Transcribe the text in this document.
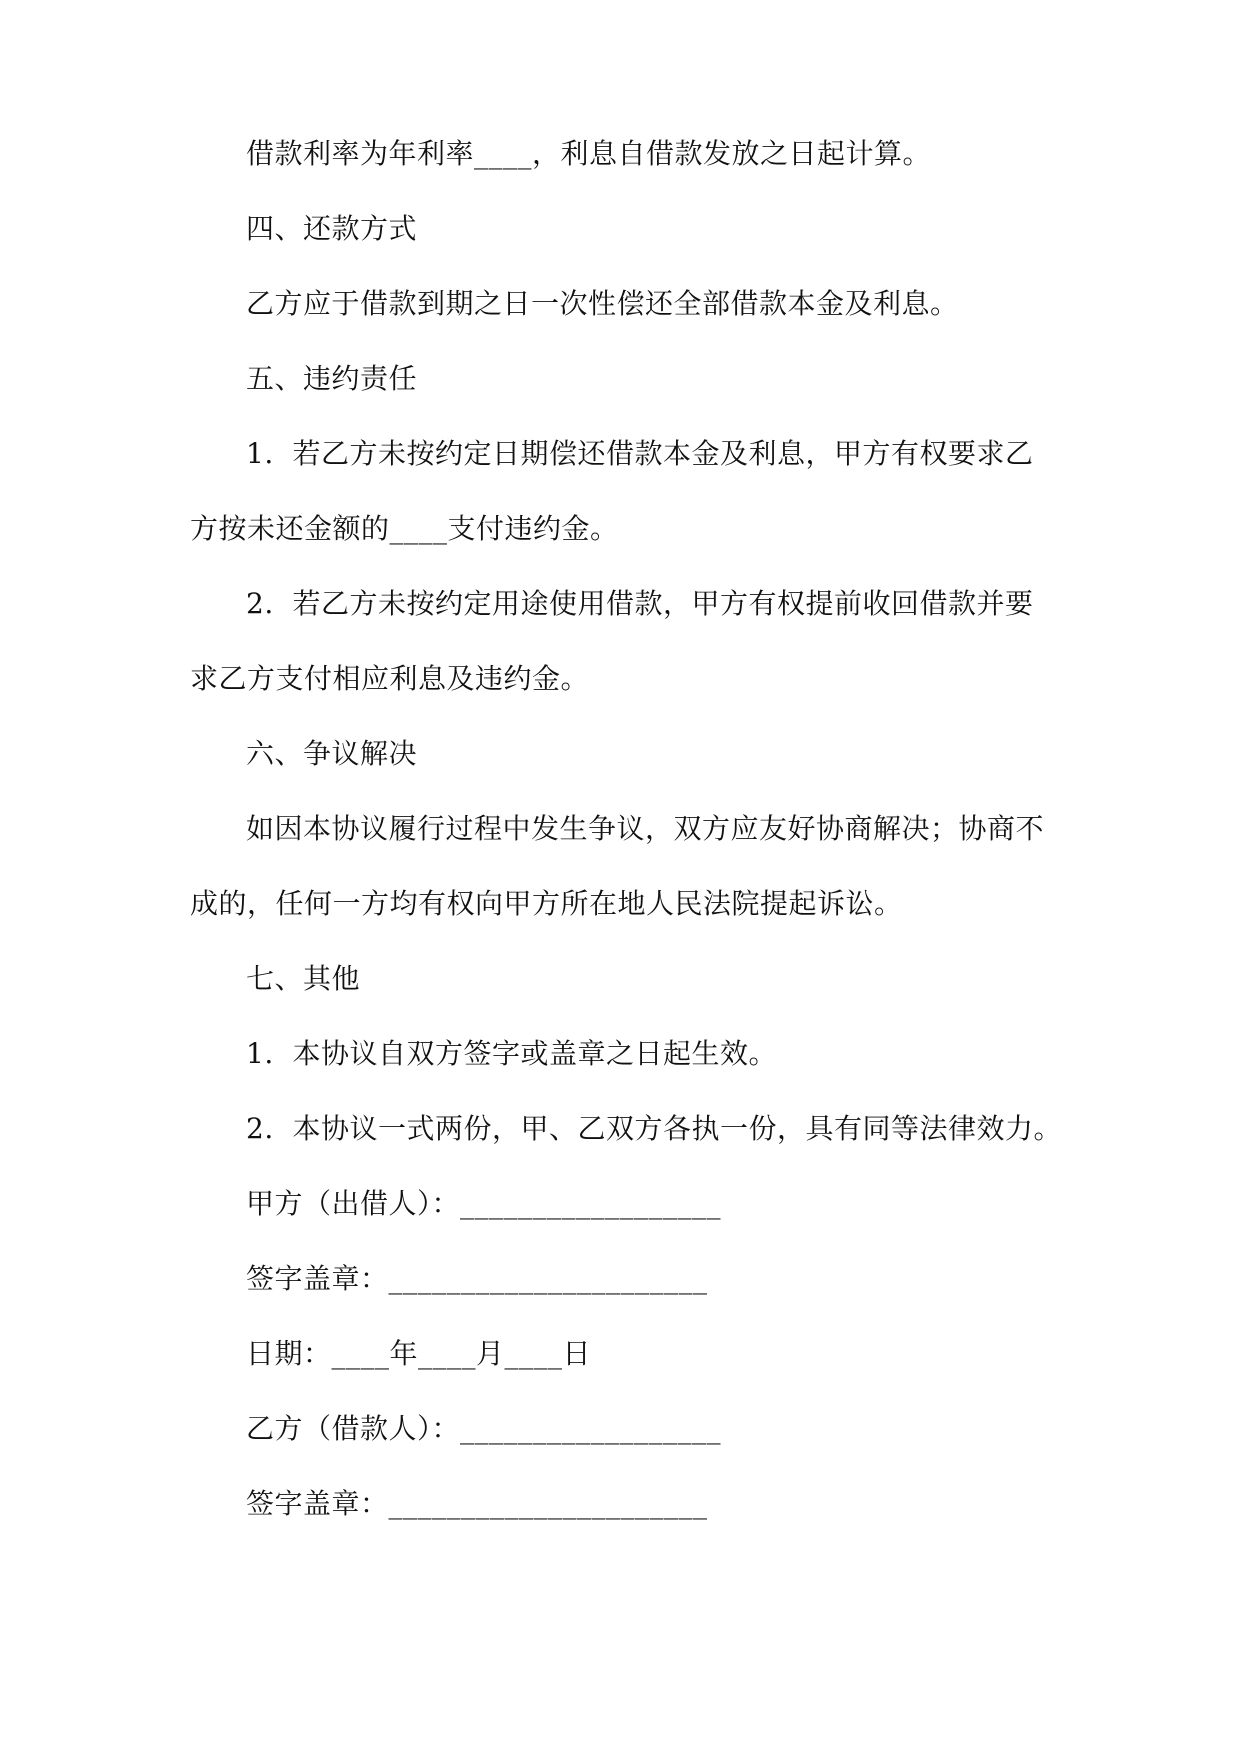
借款利率为年利率____，利息自借款发放之日起计算。
四、还款方式
乙方应于借款到期之日一次性偿还全部借款本金及利息。
五、违约责任
1.  若乙方未按约定日期偿还借款本金及利息，甲方有权要求乙
方按未还金额的____支付违约金。
2.  若乙方未按约定用途使用借款，甲方有权提前收回借款并要
求乙方支付相应利息及违约金。
六、争议解决
如因本协议履行过程中发生争议，双方应友好协商解决；协商不
成的，任何一方均有权向甲方所在地人民法院提起诉讼。
七、其他
1.  本协议自双方签字或盖章之日起生效。
2.  本协议一式两份，甲、乙双方各执一份，具有同等法律效力。
甲方（出借人）：__________________
签字盖章：______________________
日期：____年____月____日
乙方（借款人）：__________________
签字盖章：______________________
